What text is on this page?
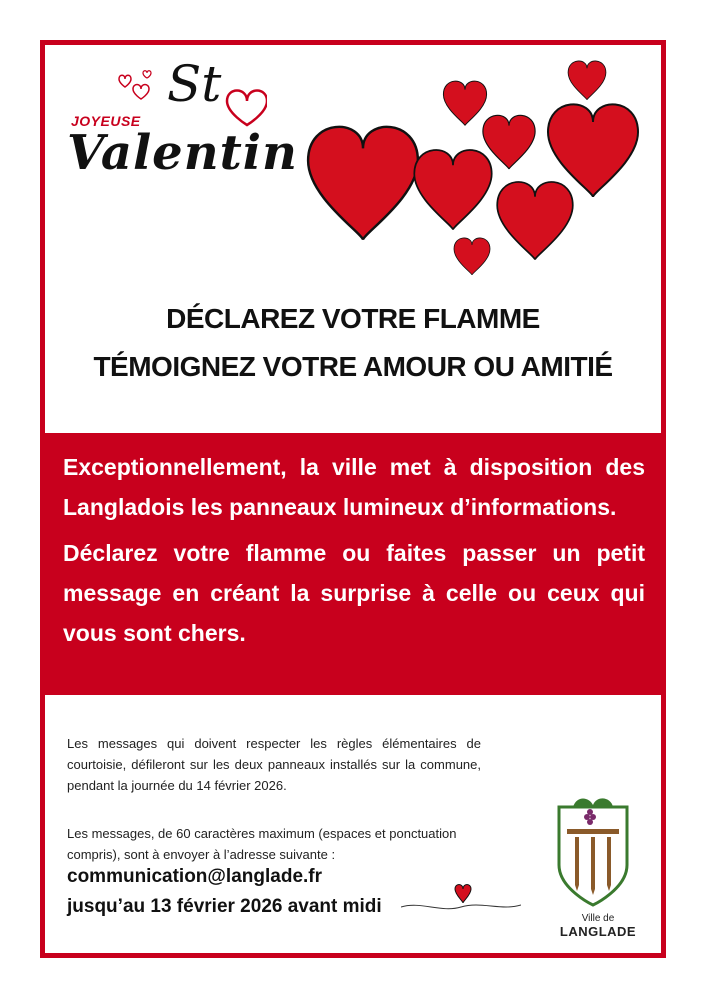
JOYEUSE
St
Valentin
DÉCLAREZ VOTRE FLAMME
TÉMOIGNEZ VOTRE AMOUR OU AMITIÉ

Exceptionnellement, la ville met à disposition des Langladois les panneaux lumineux d’informations.

Déclarez votre flamme ou faites passer un petit message en créant la surprise à celle ou ceux qui vous sont chers.

Les messages qui doivent respecter les règles élémentaires de courtoisie, défileront sur les deux panneaux installés sur la commune, pendant la journée du 14 février 2026.

Les messages, de 60 caractères maximum (espaces et ponctuation compris), sont à envoyer à l’adresse suivante :

communication@langlade.fr
jusqu’au 13 février 2026 avant midi
Ville de
LANGLADE
